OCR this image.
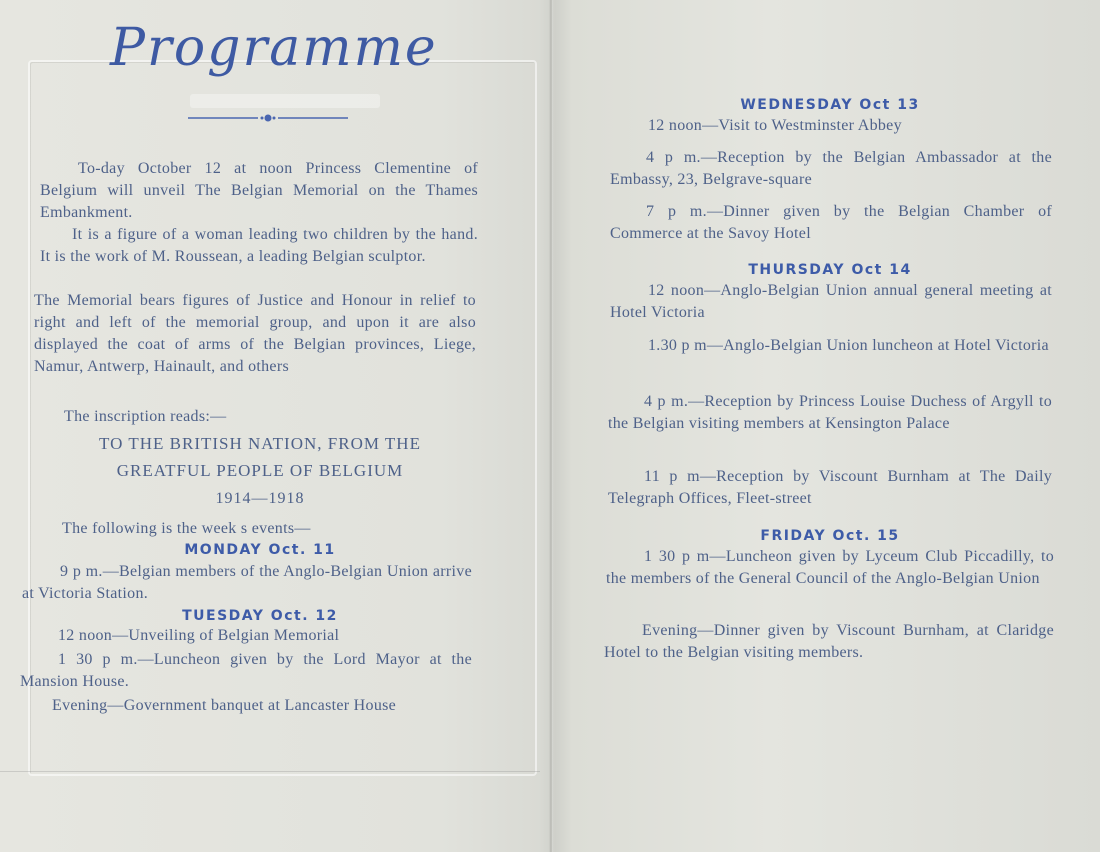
Programme
To-day October 12 at noon Princess Clementine of Belgium will unveil The Belgian Memorial on the Thames Embankment.
It is a figure of a woman leading two children by the hand. It is the work of M. Roussean, a leading Belgian sculptor.
The Memorial bears figures of Justice and Honour in relief to right and left of the memorial group, and upon it are also displayed the coat of arms of the Belgian provinces, Liege, Namur, Antwerp, Hainault, and others
The inscription reads:—
TO THE BRITISH NATION, FROM THE
GREATFUL PEOPLE OF BELGIUM
1914—1918
The following is the week s events—
MONDAY Oct. 11
9 p m.—Belgian members of the Anglo-Belgian Union arrive at Victoria Station.
TUESDAY Oct. 12
12 noon—Unveiling of Belgian Memorial
1 30 p m.—Luncheon given by the Lord Mayor at the Mansion House.
Evening—Government banquet at Lancaster House
WEDNESDAY Oct 13
12 noon—Visit to Westminster Abbey
4 p m.—Reception by the Belgian Ambassador at the Embassy, 23, Belgrave-square
7 p m.—Dinner given by the Belgian Chamber of Commerce at the Savoy Hotel
THURSDAY Oct 14
12 noon—Anglo-Belgian Union annual general meeting at Hotel Victoria
1.30 p m—Anglo-Belgian Union luncheon at Hotel Victoria
4 p m.—Reception by Princess Louise Duchess of Argyll to the Belgian visiting members at Kensington Palace
11 p m—Reception by Viscount Burnham at The Daily Telegraph Offices, Fleet-street
FRIDAY Oct. 15
1 30 p m—Luncheon given by Lyceum Club Piccadilly, to the members of the General Council of the Anglo-Belgian Union
Evening—Dinner given by Viscount Burnham, at Claridge Hotel to the Belgian visiting members.
